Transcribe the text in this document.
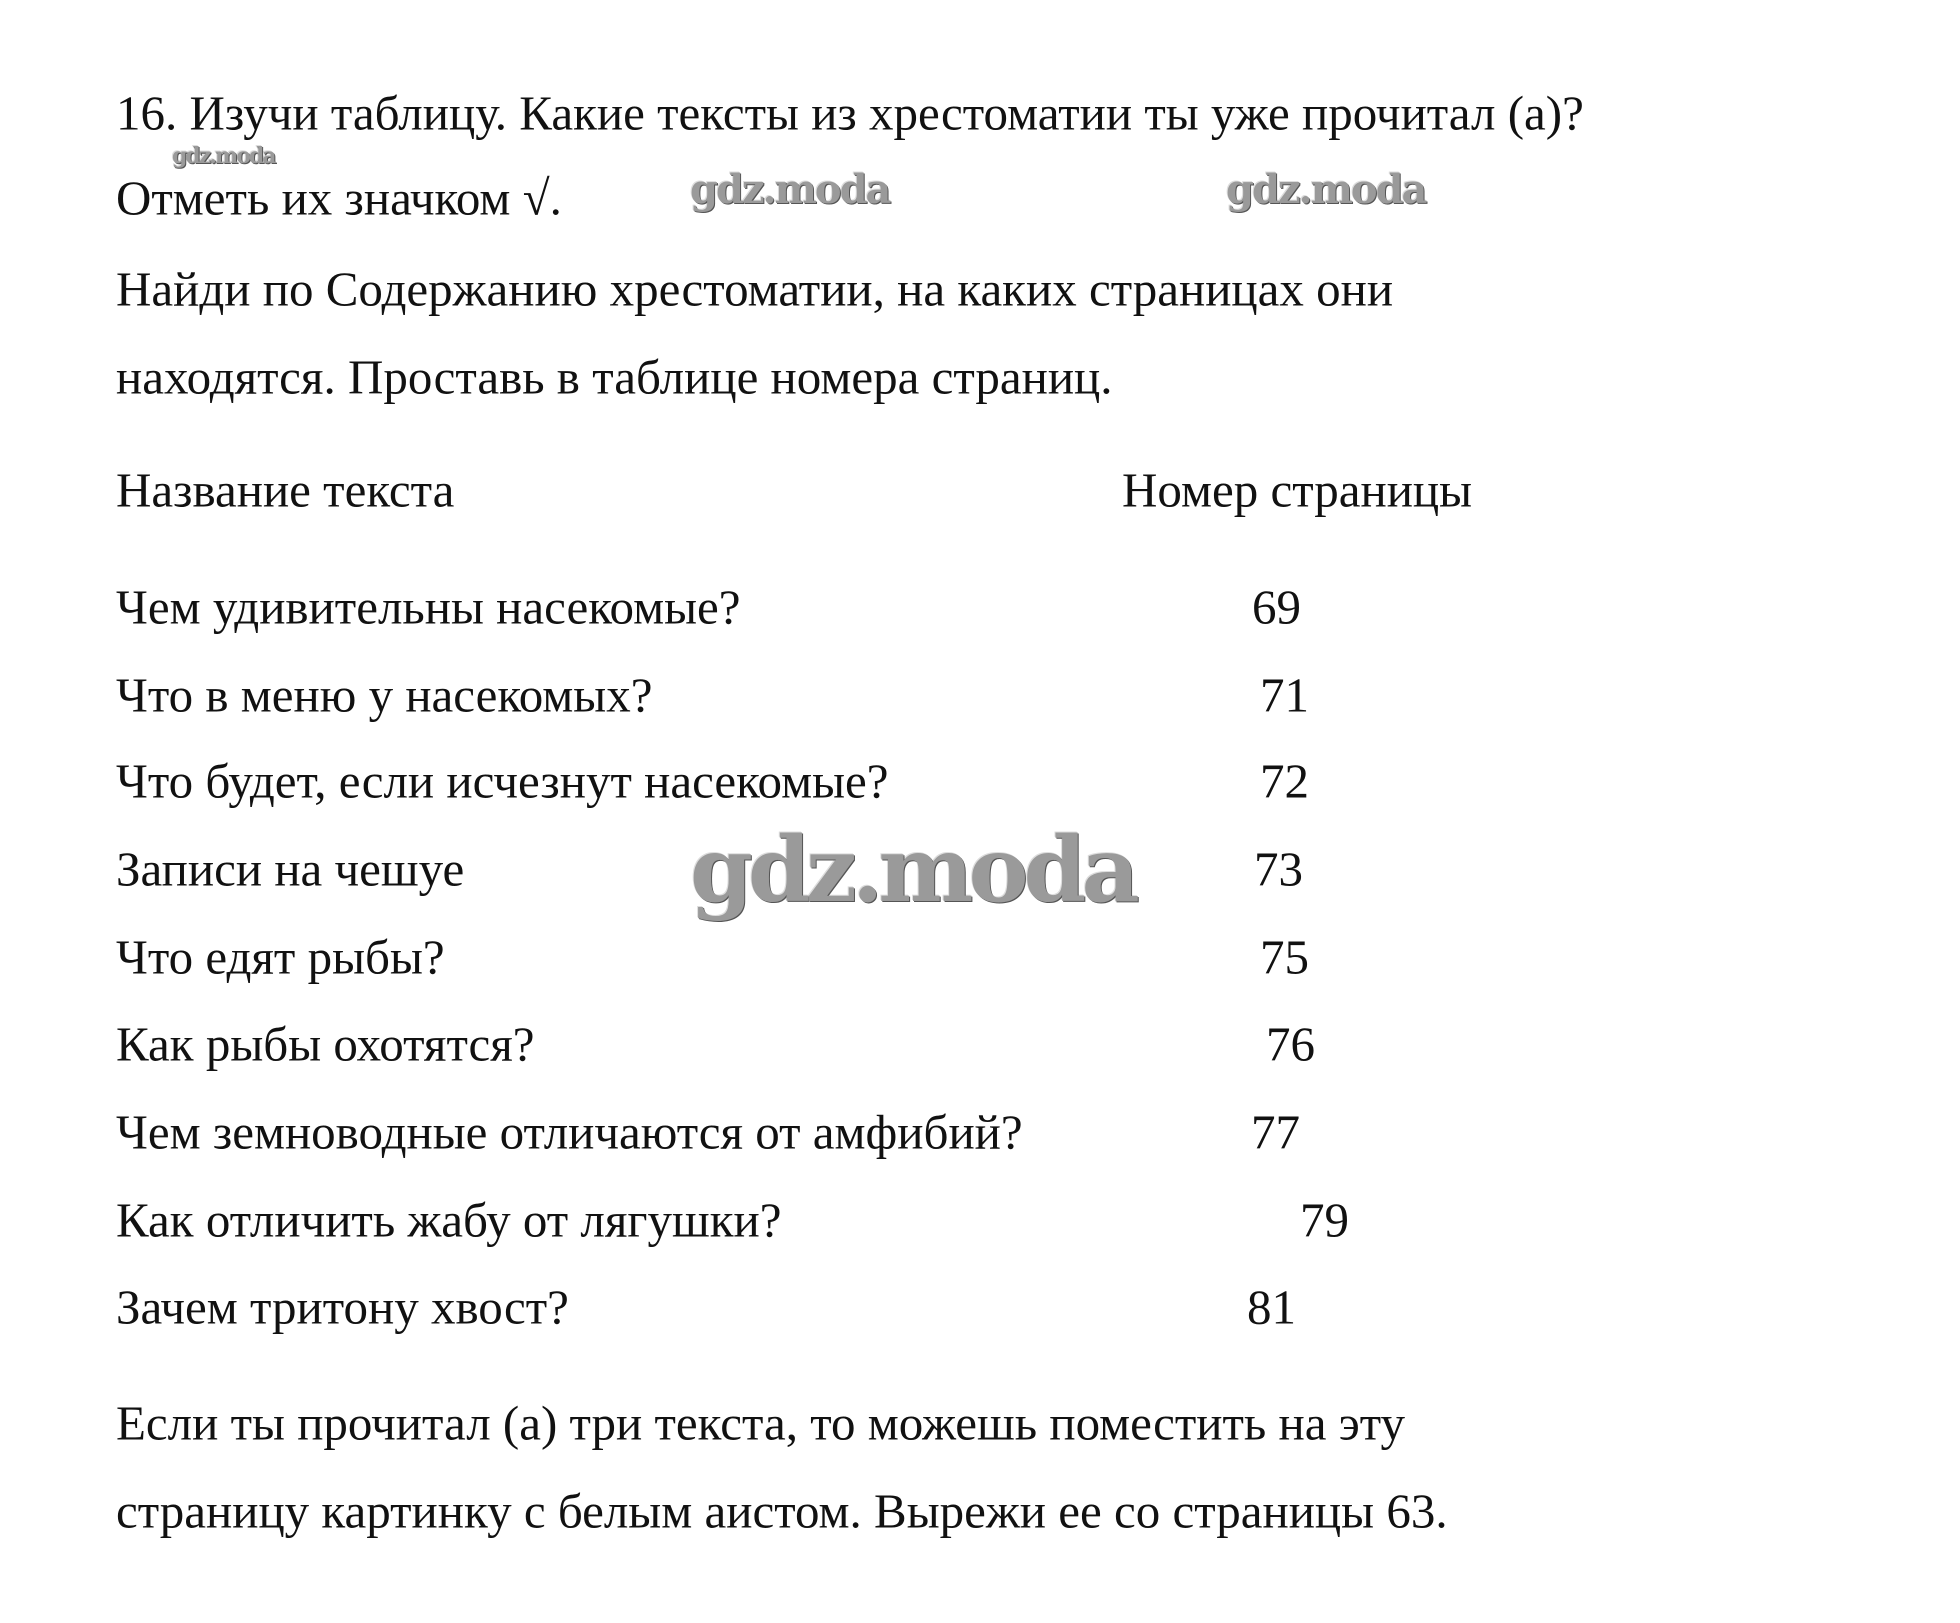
16. Изучи таблицу. Какие тексты из хрестоматии ты уже прочитал (а)?
Отметь их значком √.
Найди по Содержанию хрестоматии, на каких страницах они
находятся. Проставь в таблице номера страниц.
Название текста	Номер страницы
Чем удивительны насекомые?	69
Что в меню у насекомых?	71
Что будет, если исчезнут насекомые?	72
Записи на чешуе	73
Что едят рыбы?	75
Как рыбы охотятся?	76
Чем земноводные отличаются от амфибий?	77
Как отличить жабу от лягушки?	79
Зачем тритону хвост?	81
Если ты прочитал (а) три текста, то можешь поместить на эту
страницу картинку с белым аистом. Вырежи ее со страницы 63.
gdz.moda
gdz.moda	gdz.moda
gdz.moda
